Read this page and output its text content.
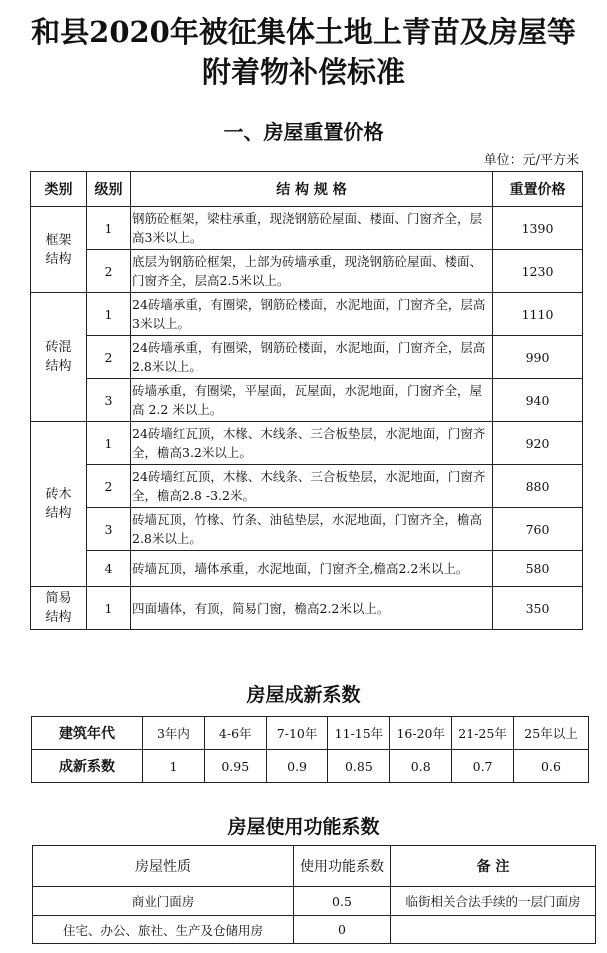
和县2020年被征集体土地上青苗及房屋等
附着物补偿标准
一、房屋重置价格
单位：元/平方米
类别	级别	结 构 规 格	重置价格
框架
结构	1	钢筋砼框架，梁柱承重，现浇钢筋砼屋面、楼面、门窗齐全，层高3米以上。	1390
	2	底层为钢筋砼框架，上部为砖墙承重，现浇钢筋砼屋面、楼面、门窗齐全，层高2.5米以上。	1230
砖混
结构	1	24砖墙承重，有圈梁，钢筋砼楼面，水泥地面，门窗齐全，层高3米以上。	1110
	2	24砖墙承重，有圈梁，钢筋砼楼面，水泥地面，门窗齐全，层高2.8米以上。	990
	3	砖墙承重，有圈梁，平屋面，瓦屋面，水泥地面，门窗齐全，屋高 2.2 米以上。	940
砖木
结构	1	24砖墙红瓦顶，木椽、木线条、三合板垫层，水泥地面，门窗齐全，檐高3.2米以上。	920
	2	24砖墙红瓦顶，木椽、木线条、三合板垫层，水泥地面，门窗齐全，檐高2.8 -3.2米。	880
	3	砖墙瓦顶，竹椽、竹条、油毡垫层，水泥地面，门窗齐全，檐高2.8米以上。	760
	4	砖墙瓦顶，墙体承重，水泥地面，门窗齐全,檐高2.2米以上。	580
简易
结构	1	四面墙体，有顶，简易门窗，檐高2.2米以上。	350
房屋成新系数
建筑年代	3年内	4-6年	7-10年	11-15年	16-20年	21-25年	25年以上
成新系数	1	0.95	0.9	0.85	0.8	0.7	0.6
房屋使用功能系数
房屋性质	使用功能系数	备 注
商业门面房	0.5	临街相关合法手续的一层门面房
住宅、办公、旅社、生产及仓储用房	0	
